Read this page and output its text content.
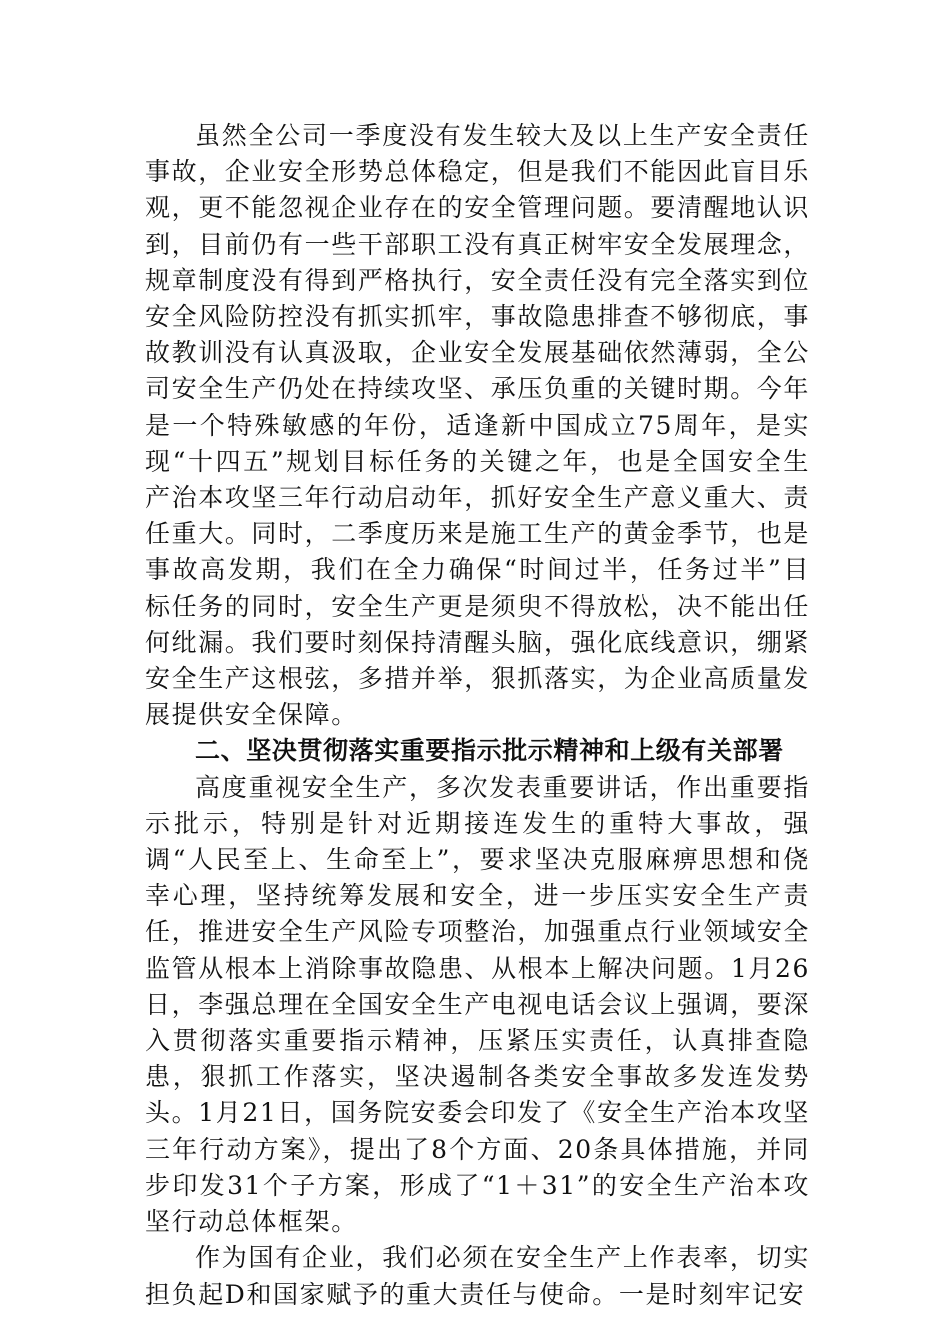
虽然全公司一季度没有发生较大及以上生产安全责任事故，企业安全形势总体稳定，但是我们不能因此盲目乐观，更不能忽视企业存在的安全管理问题。要清醒地认识到，目前仍有一些干部职工没有真正树牢安全发展理念，规章制度没有得到严格执行，安全责任没有完全落实到位安全风险防控没有抓实抓牢，事故隐患排查不够彻底，事故教训没有认真汲取，企业安全发展基础依然薄弱，全公司安全生产仍处在持续攻坚、承压负重的关键时期。今年是一个特殊敏感的年份，适逢新中国成立75周年，是实现“十四五”规划目标任务的关键之年，也是全国安全生产治本攻坚三年行动启动年，抓好安全生产意义重大、责任重大。同时，二季度历来是施工生产的黄金季节，也是事故高发期，我们在全力确保“时间过半，任务过半”目标任务的同时，安全生产更是须臾不得放松，决不能出任何纰漏。我们要时刻保持清醒头脑，强化底线意识，绷紧安全生产这根弦，多措并举，狠抓落实，为企业高质量发展提供安全保障。

二、坚决贯彻落实重要指示批示精神和上级有关部署

高度重视安全生产，多次发表重要讲话，作出重要指示批示，特别是针对近期接连发生的重特大事故，强调“人民至上、生命至上”，要求坚决克服麻痹思想和侥幸心理，坚持统筹发展和安全，进一步压实安全生产责任，推进安全生产风险专项整治，加强重点行业领域安全监管从根本上消除事故隐患、从根本上解决问题。1月26日，李强总理在全国安全生产电视电话会议上强调，要深入贯彻落实重要指示精神，压紧压实责任，认真排查隐患，狠抓工作落实，坚决遏制各类安全事故多发连发势头。1月21日，国务院安委会印发了《安全生产治本攻坚三年行动方案》，提出了8个方面、20条具体措施，并同步印发31个子方案，形成了“1＋31”的安全生产治本攻坚行动总体框架。

作为国有企业，我们必须在安全生产上作表率，切实担负起D和国家赋予的重大责任与使命。一是时刻牢记安
